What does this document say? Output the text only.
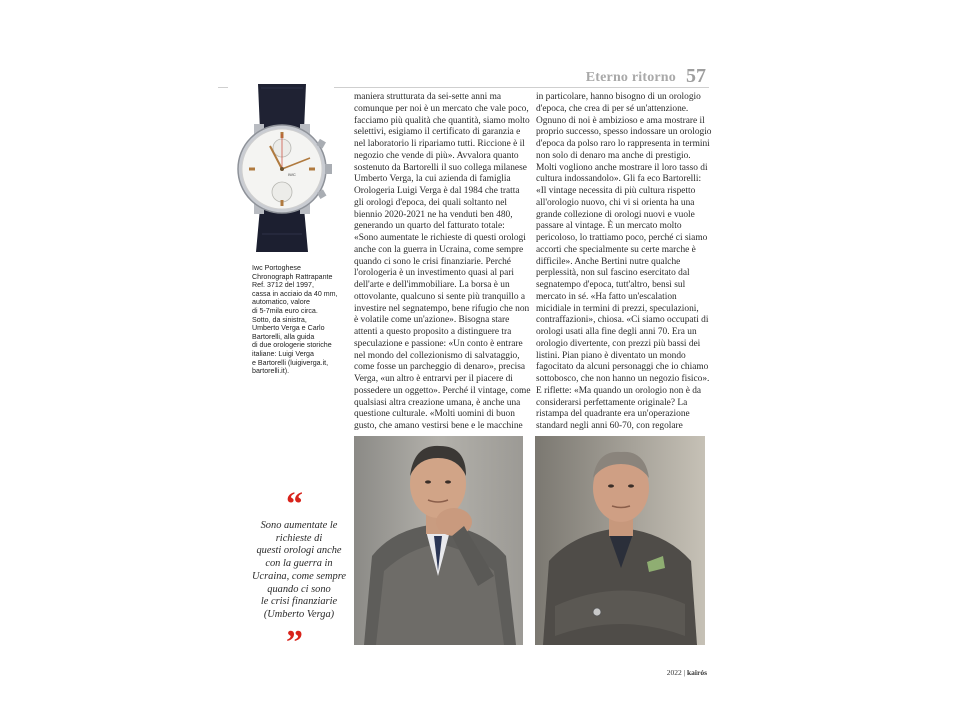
Eterno ritorno 57
IWC
Iwc Portoghese
Chronograph Rattrapante
Ref. 3712 del 1997,
cassa in acciaio da 40 mm,
automatico, valore
di 5-7mila euro circa.
Sotto, da sinistra,
Umberto Verga e Carlo
Bartorelli, alla guida
di due orologerie storiche
italiane: Luigi Verga
e Bartorelli (luigiverga.it,
bartorelli.it).
maniera strutturata da sei-sette anni ma
comunque per noi è un mercato che vale poco,
facciamo più qualità che quantità, siamo molto
selettivi, esigiamo il certificato di garanzia e
nel laboratorio li ripariamo tutti. Riccione è il
negozio che vende di più». Avvalora quanto
sostenuto da Bartorelli il suo collega milanese
Umberto Verga, la cui azienda di famiglia
Orologeria Luigi Verga è dal 1984 che tratta
gli orologi d'epoca, dei quali soltanto nel
biennio 2020-2021 ne ha venduti ben 480,
generando un quarto del fatturato totale:
«Sono aumentate le richieste di questi orologi
anche con la guerra in Ucraina, come sempre
quando ci sono le crisi finanziarie. Perché
l'orologeria è un investimento quasi al pari
dell'arte e dell'immobiliare. La borsa è un
ottovolante, qualcuno si sente più tranquillo a
investire nel segnatempo, bene rifugio che non
è volatile come un'azione». Bisogna stare
attenti a questo proposito a distinguere tra
speculazione e passione: «Un conto è entrare
nel mondo del collezionismo di salvataggio,
come fosse un parcheggio di denaro», precisa
Verga, «un altro è entrarvi per il piacere di
possedere un oggetto». Perché il vintage, come
qualsiasi altra creazione umana, è anche una
questione culturale. «Molti uomini di buon
gusto, che amano vestirsi bene e le macchine
in particolare, hanno bisogno di un orologio
d'epoca, che crea di per sé un'attenzione.
Ognuno di noi è ambizioso e ama mostrare il
proprio successo, spesso indossare un orologio
d'epoca da polso raro lo rappresenta in termini
non solo di denaro ma anche di prestigio.
Molti vogliono anche mostrare il loro tasso di
cultura indossandolo». Gli fa eco Bartorelli:
«Il vintage necessita di più cultura rispetto
all'orologio nuovo, chi vi si orienta ha una
grande collezione di orologi nuovi e vuole
passare al vintage. È un mercato molto
pericoloso, lo trattiamo poco, perché ci siamo
accorti che specialmente su certe marche è
difficile». Anche Bertini nutre qualche
perplessità, non sul fascino esercitato dal
segnatempo d'epoca, tutt'altro, bensì sul
mercato in sé. «Ha fatto un'escalation
micidiale in termini di prezzi, speculazioni,
contraffazioni», chiosa. «Ci siamo occupati di
orologi usati alla fine degli anni 70. Era un
orologio divertente, con prezzi più bassi dei
listini. Pian piano è diventato un mondo
fagocitato da alcuni personaggi che io chiamo
sottobosco, che non hanno un negozio fisico».
E riflette: «Ma quando un orologio non è da
considerarsi perfettamente originale? La
ristampa del quadrante era un'operazione
standard negli anni 60-70, con regolare
“
Sono aumentate le
richieste di
questi orologi anche
con la guerra in
Ucraina, come sempre
quando ci sono
le crisi finanziarie
(Umberto Verga)
”
2022 | kairós
